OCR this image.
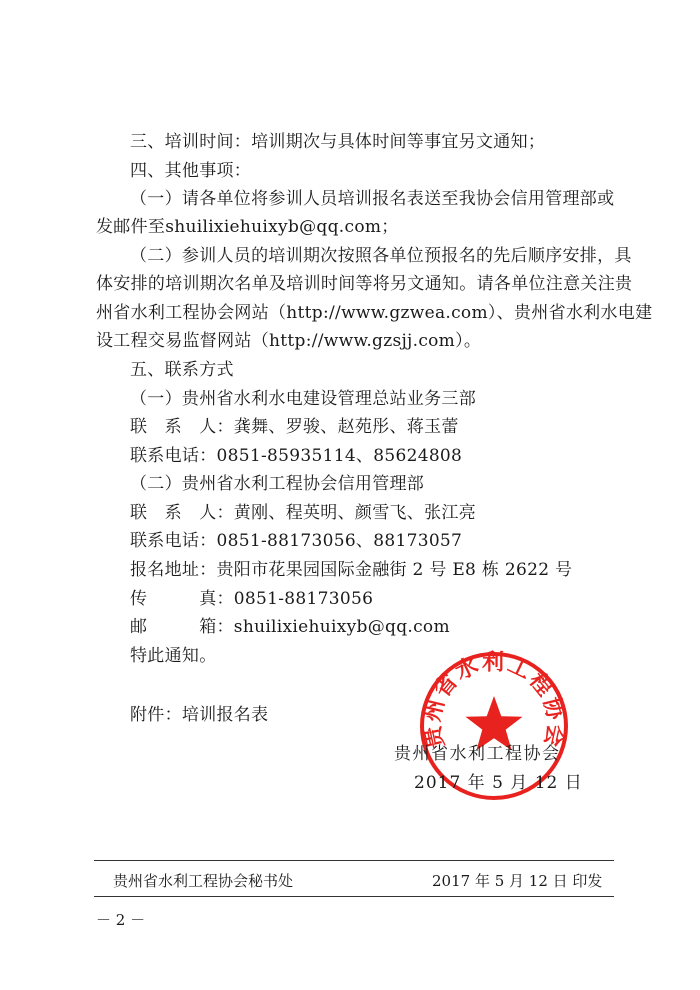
三、培训时间：培训期次与具体时间等事宜另文通知；
四、其他事项：
（一）请各单位将参训人员培训报名表送至我协会信用管理部或
发邮件至shuilixiehuixyb@qq.com；
（二）参训人员的培训期次按照各单位预报名的先后顺序安排，具
体安排的培训期次名单及培训时间等将另文通知。请各单位注意关注贵
州省水利工程协会网站（http://www.gzwea.com）、贵州省水利水电建
设工程交易监督网站（http://www.gzsjj.com）。
五、联系方式
（一）贵州省水利水电建设管理总站业务三部
联　系　人：龚舞、罗骏、赵苑彤、蒋玉蕾
联系电话：0851-85935114、85624808
（二）贵州省水利工程协会信用管理部
联　系　人：黄刚、程英明、颜雪飞、张江亮
联系电话：0851-88173056、88173057
报名地址：贵阳市花果园国际金融街 2 号 E8 栋 2622 号
传　　　真：0851-88173056
邮　　　箱：shuilixiehuixyb@qq.com
特此通知。
附件：培训报名表
贵州省水利工程协会
贵州省水利工程协会
2017 年 5 月 12 日
贵州省水利工程协会秘书处	2017 年 5 月 12 日 印发
－ 2 －
